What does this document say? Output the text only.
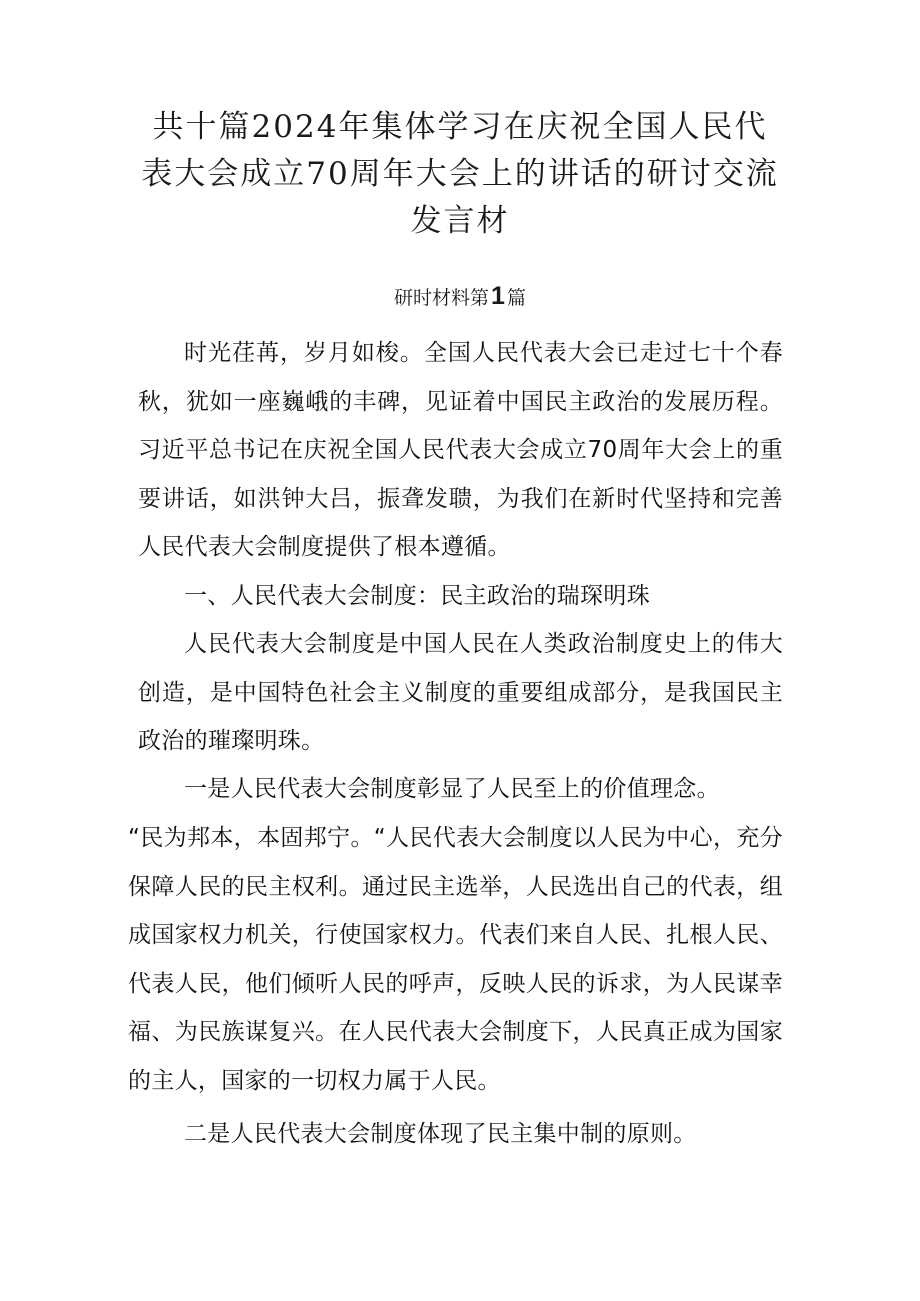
共十篇2024年集体学习在庆祝全国人民代表大会成立70周年大会上的讲话的研讨交流发言材
研时材料第1 篇

时光荏苒，岁月如梭。全国人民代表大会已走过七十个春秋，犹如一座巍峨的丰碑，见证着中国民主政治的发展历程。习近平总书记在庆祝全国人民代表大会成立70周年大会上的重要讲话，如洪钟大吕，振聋发聩，为我们在新时代坚持和完善人民代表大会制度提供了根本遵循。

一、人民代表大会制度：民主政治的瑞琛明珠

人民代表大会制度是中国人民在人类政治制度史上的伟大创造，是中国特色社会主义制度的重要组成部分，是我国民主政治的璀璨明珠。

一是人民代表大会制度彰显了人民至上的价值理念。

“民为邦本，本固邦宁。“人民代表大会制度以人民为中心，充分保障人民的民主权利。通过民主选举，人民选出自己的代表，组成国家权力机关，行使国家权力。代表们来自人民、扎根人民、代表人民，他们倾听人民的呼声，反映人民的诉求，为人民谋幸福、为民族谋复兴。在人民代表大会制度下，人民真正成为国家的主人，国家的一切权力属于人民。

二是人民代表大会制度体现了民主集中制的原则。
